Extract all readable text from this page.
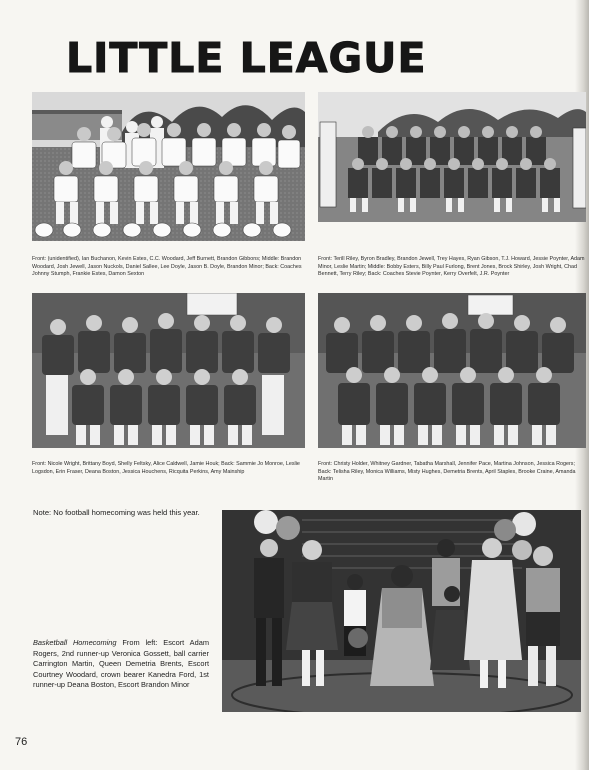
LITTLE LEAGUE
Front: (unidentified), Ian Buchanon, Kevin Estes, C.C. Woodard, Jeff Burnett, Brandon Gibbons; Middle: Brandon Woodard, Josh Jewell, Jason Nuckols, Daniel Sallee, Lee Doyle, Jason B. Doyle, Brandon Minor; Back: Coaches Johnny Stumph, Frankie Estes, Damon Sexton
Front: Terill Riley, Byron Bradley, Brandon Jewell, Trey Hayes, Ryan Gibson, T.J. Howard, Jessie Poynter, Adam Minor, Leslie Martin; Middle: Bobby Esters, Billy Paul Furlong, Brent Jones, Brock Shirley, Josh Wright, Chad Bennett, Terry Riley; Back: Coaches Stevie Poynter, Kerry Overfelt, J.R. Poynter
Front: Nicole Wright, Brittany Boyd, Shelly Feltsky, Alice Caldwell, Jamie Houk; Back: Sammie Jo Monroe, Leslie Logsdon, Erin Fraser, Deana Boston, Jessica Houchens, Ricquita Perkins, Amy Mainship
Front: Christy Holder, Whitney Gardner, Tabatha Marshall, Jennifer Pace, Martina Johnson, Jessica Rogers; Back: Telisha Riley, Monica Williams, Misty Hughes, Demetria Brents, April Staples, Brooke Craine, Amanda Martin
Note: No football homecoming was held this year.
Basketball Homecoming From left: Escort Adam Rogers, 2nd runner-up Veronica Gossett, ball carrier Carrington Martin, Queen Demetria Brents, Escort Courtney Woodard, crown bearer Kanedra Ford, 1st runner-up Deana Boston, Escort Brandon Minor
76
